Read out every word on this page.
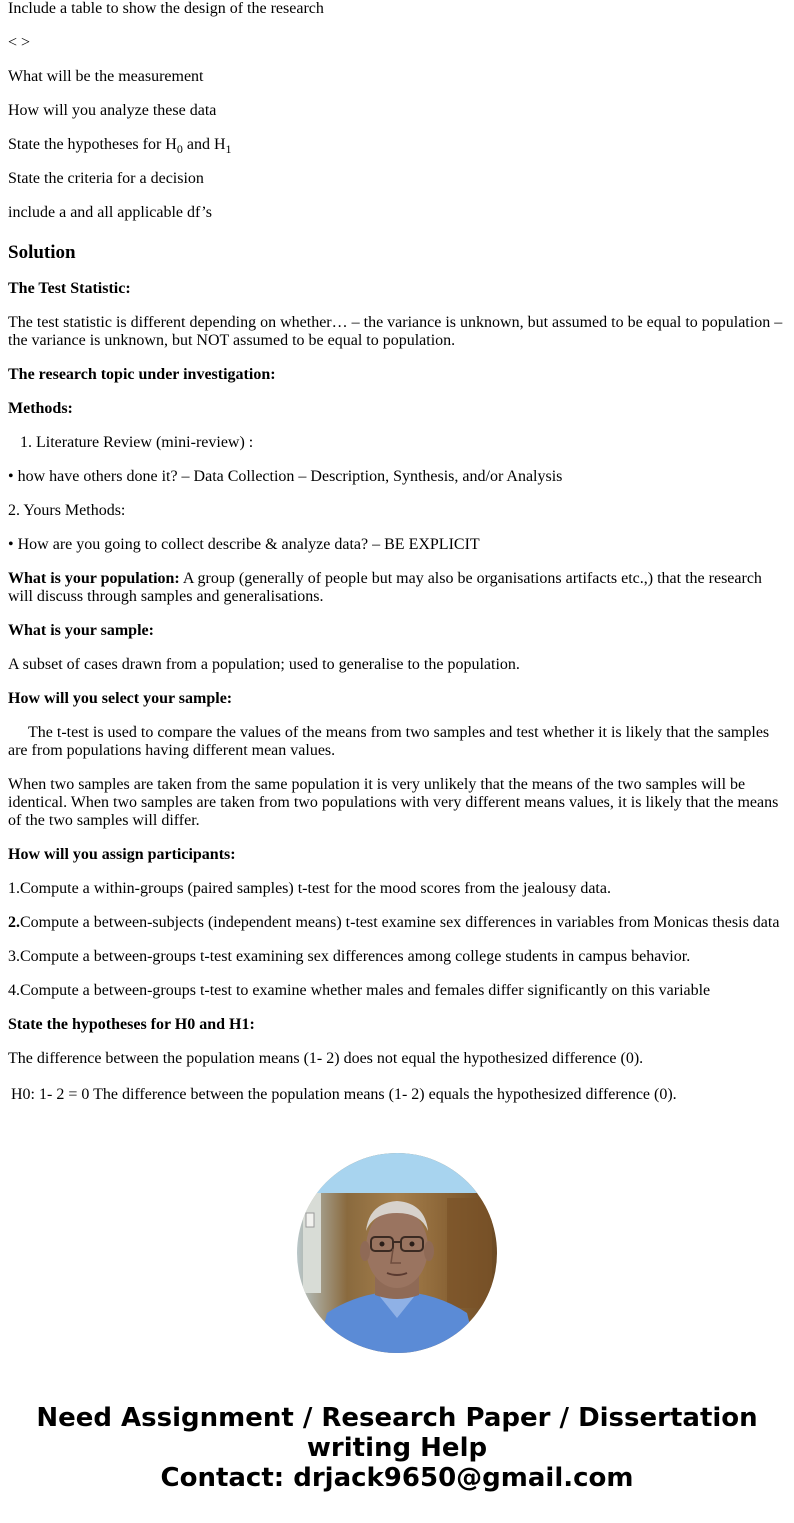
Include a table to show the design of the research

< >

What will be the measurement

How will you analyze these data

State the hypotheses for $H_0$ and $H_1$

State the criteria for a decision

include a and all applicable df’s

Solution

The Test Statistic:

The test statistic is different depending on whether… – the variance is unknown, but assumed to be equal to population – the variance is unknown, but NOT assumed to be equal to population.

The research topic under investigation:

Methods:

1. Literature Review (mini-review) :

• how have others done it? – Data Collection – Description, Synthesis, and/or Analysis

2. Yours Methods:

• How are you going to collect describe & analyze data? – BE EXPLICIT

What is your population: A group (generally of people but may also be organisations artifacts etc.,) that the research will discuss through samples and generalisations.

What is your sample:

A subset of cases drawn from a population; used to generalise to the population.

How will you select your sample:

The t-test is used to compare the values of the means from two samples and test whether it is likely that the samples are from populations having different mean values.

When two samples are taken from the same population it is very unlikely that the means of the two samples will be identical. When two samples are taken from two populations with very different means values, it is likely that the means of the two samples will differ.

How will you assign participants:

1.Compute a within-groups (paired samples) t-test for the mood scores from the jealousy data.

2.Compute a between-subjects (independent means) t-test examine sex differences in variables from Monicas thesis data

3.Compute a between-groups t-test examining sex differences among college students in campus behavior.

4.Compute a between-groups t-test to examine whether males and females differ significantly on this variable

State the hypotheses for H0 and H1:

The difference between the population means (1- 2) does not equal the hypothesized difference (0).

H0: 1- 2 = 0 The difference between the population means (1- 2) equals the hypothesized difference (0).

Need Assignment / Research Paper / Dissertation
writing Help
Contact: drjack9650@gmail.com
